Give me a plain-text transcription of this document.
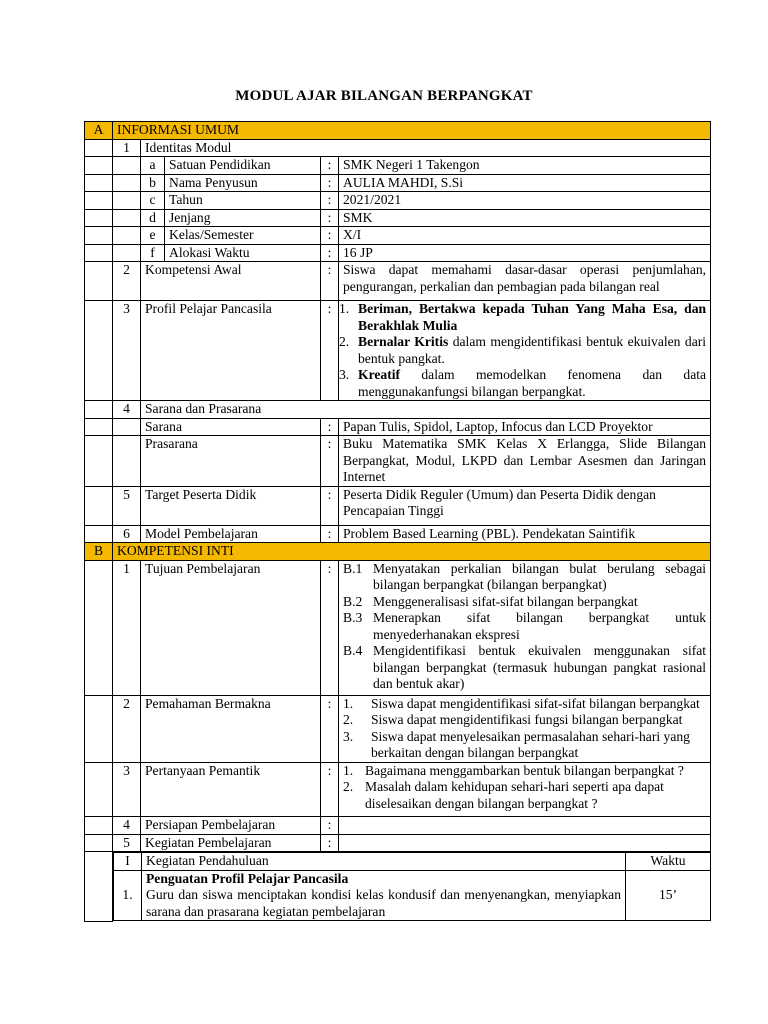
MODUL AJAR BILANGAN BERPANGKAT
A	INFORMASI UMUM
	1	Identitas Modul
		a	Satuan Pendidikan	:	SMK Negeri 1 Takengon
		b	Nama Penyusun	:	AULIA MAHDI, S.Si
		c	Tahun	:	2021/2021
		d	Jenjang	:	SMK
		e	Kelas/Semester	:	X/I
		f	Alokasi Waktu	:	16 JP
	2	Kompetensi Awal	:	Siswa dapat memahami dasar-dasar operasi penjumlahan, pengurangan, perkalian dan pembagian pada bilangan real
	3	Profil Pelajar Pancasila	:	1. Beriman, Bertakwa kepada Tuhan Yang Maha Esa, dan Berakhlak Mulia
2. Bernalar Kritis dalam mengidentifikasi bentuk ekuivalen dari bentuk pangkat.
3. Kreatif dalam memodelkan fenomena dan data menggunakanfungsi bilangan berpangkat.

	4	Sarana dan Prasarana
		Sarana	:	Papan Tulis, Spidol, Laptop, Infocus dan LCD Proyektor
		Prasarana	:	Buku Matematika SMK Kelas X Erlangga, Slide Bilangan Berpangkat, Modul, LKPD dan Lembar Asesmen dan Jaringan Internet
	5	Target Peserta Didik	:	Peserta Didik Reguler (Umum) dan Peserta Didik dengan Pencapaian Tinggi
	6	Model Pembelajaran	:	Problem Based Learning (PBL). Pendekatan Saintifik
B	KOMPETENSI INTI
	1	Tujuan Pembelajaran	:	B.1 Menyatakan perkalian bilangan bulat berulang sebagai bilangan berpangkat (bilangan berpangkat)
B.2 Menggeneralisasi sifat-sifat bilangan berpangkat
B.3 Menerapkan sifat bilangan berpangkat untuk menyederhanakan ekspresi
B.4 Mengidentifikasi bentuk ekuivalen menggunakan sifat bilangan berpangkat (termasuk hubungan pangkat rasional dan bentuk akar)

	2	Pemahaman Bermakna	:	1.	Siswa dapat mengidentifikasi sifat-sifat bilangan berpangkat
2.	Siswa dapat mengidentifikasi fungsi bilangan berpangkat
3.	Siswa dapat menyelesaikan permasalahan sehari-hari yang berkaitan dengan bilangan berpangkat

	3	Pertanyaan Pemantik	:	1. Bagaimana menggambarkan bentuk bilangan berpangkat ?
2. Masalah dalam kehidupan sehari-hari seperti apa dapat diselesaikan dengan bilangan berpangkat ?

	4	Persiapan Pembelajaran	:	
	5	Kegiatan Pembelajaran	:	

I	Kegiatan Pendahuluan	Waktu
1.	Penguatan Profil Pelajar Pancasila
Guru dan siswa menciptakan kondisi kelas kondusif dan menyenangkan, menyiapkan sarana dan prasarana kegiatan pembelajaran	15’
